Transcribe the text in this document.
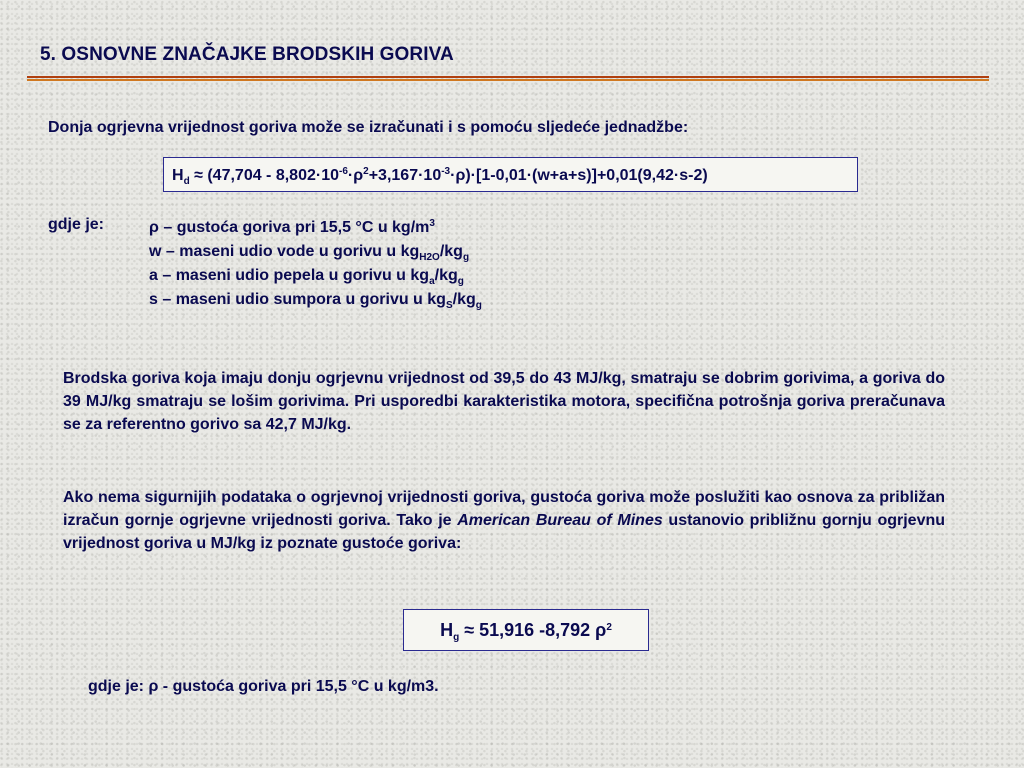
5. OSNOVNE ZNAČAJKE BRODSKIH GORIVA

Donja ogrjevna vrijednost goriva može se izračunati i s pomoću sljedeće jednadžbe:

$H_d \approx (47,704 - 8,802\cdot 10^{-6}\cdot\rho^2+3,167\cdot 10^{-3}\cdot\rho)\cdot[1-0,01\cdot(w+a+s)]+0,01(9,42\cdot s-2)$
gdje je:	ρ – gustoća goriva pri 15,5 °C u $kg/m^3$
w – maseni udio vode u gorivu u $kg_{H2O}/kg_g$
a – maseni udio pepela u gorivu u $kg_a/kg_g$
s – maseni udio sumpora u gorivu u $kg_S/kg_g$

Brodska goriva koja imaju donju ogrjevnu vrijednost od 39,5 do 43 MJ/kg, smatraju se dobrim gorivima, a goriva do 39 MJ/kg smatraju se lošim gorivima. Pri usporedbi karakteristika motora, specifična potrošnja goriva preračunava se za referentno gorivo sa 42,7 MJ/kg.

Ako nema sigurnijih podataka o ogrjevnoj vrijednosti goriva, gustoća goriva može poslužiti kao osnova za približan izračun gornje ogrjevne vrijednosti goriva. Tako je American Bureau of Mines ustanovio približnu gornju ogrjevnu vrijednost goriva u MJ/kg iz poznate gustoće goriva:

$H_g \approx 51,916$ -8,792 $\rho^2$
gdje je: ρ - gustoća goriva pri 15,5 °C u kg/m3.
